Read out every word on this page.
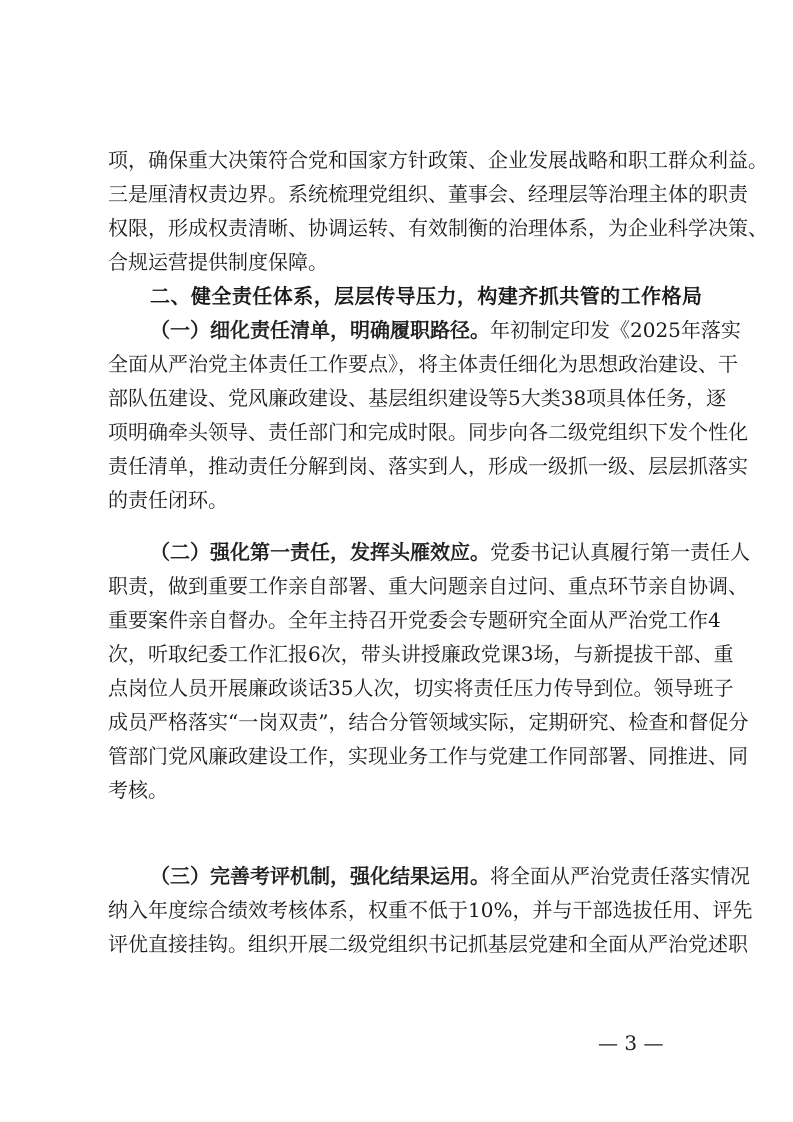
项，确保重大决策符合党和国家方针政策、企业发展战略和职工群众利益。
三是厘清权责边界。系统梳理党组织、董事会、经理层等治理主体的职责
权限，形成权责清晰、协调运转、有效制衡的治理体系，为企业科学决策、
合规运营提供制度保障。
二、健全责任体系，层层传导压力，构建齐抓共管的工作格局
（一）细化责任清单，明确履职路径。年初制定印发《2025年落实
全面从严治党主体责任工作要点》，将主体责任细化为思想政治建设、干
部队伍建设、党风廉政建设、基层组织建设等5大类38项具体任务，逐
项明确牵头领导、责任部门和完成时限。同步向各二级党组织下发个性化
责任清单，推动责任分解到岗、落实到人，形成一级抓一级、层层抓落实
的责任闭环。
（二）强化第一责任，发挥头雁效应。党委书记认真履行第一责任人
职责，做到重要工作亲自部署、重大问题亲自过问、重点环节亲自协调、
重要案件亲自督办。全年主持召开党委会专题研究全面从严治党工作4
次，听取纪委工作汇报6次，带头讲授廉政党课3场，与新提拔干部、重
点岗位人员开展廉政谈话35人次，切实将责任压力传导到位。领导班子
成员严格落实“一岗双责”，结合分管领域实际，定期研究、检查和督促分
管部门党风廉政建设工作，实现业务工作与党建工作同部署、同推进、同
考核。
（三）完善考评机制，强化结果运用。将全面从严治党责任落实情况
纳入年度综合绩效考核体系，权重不低于10%，并与干部选拔任用、评先
评优直接挂钩。组织开展二级党组织书记抓基层党建和全面从严治党述职
— 3 —
